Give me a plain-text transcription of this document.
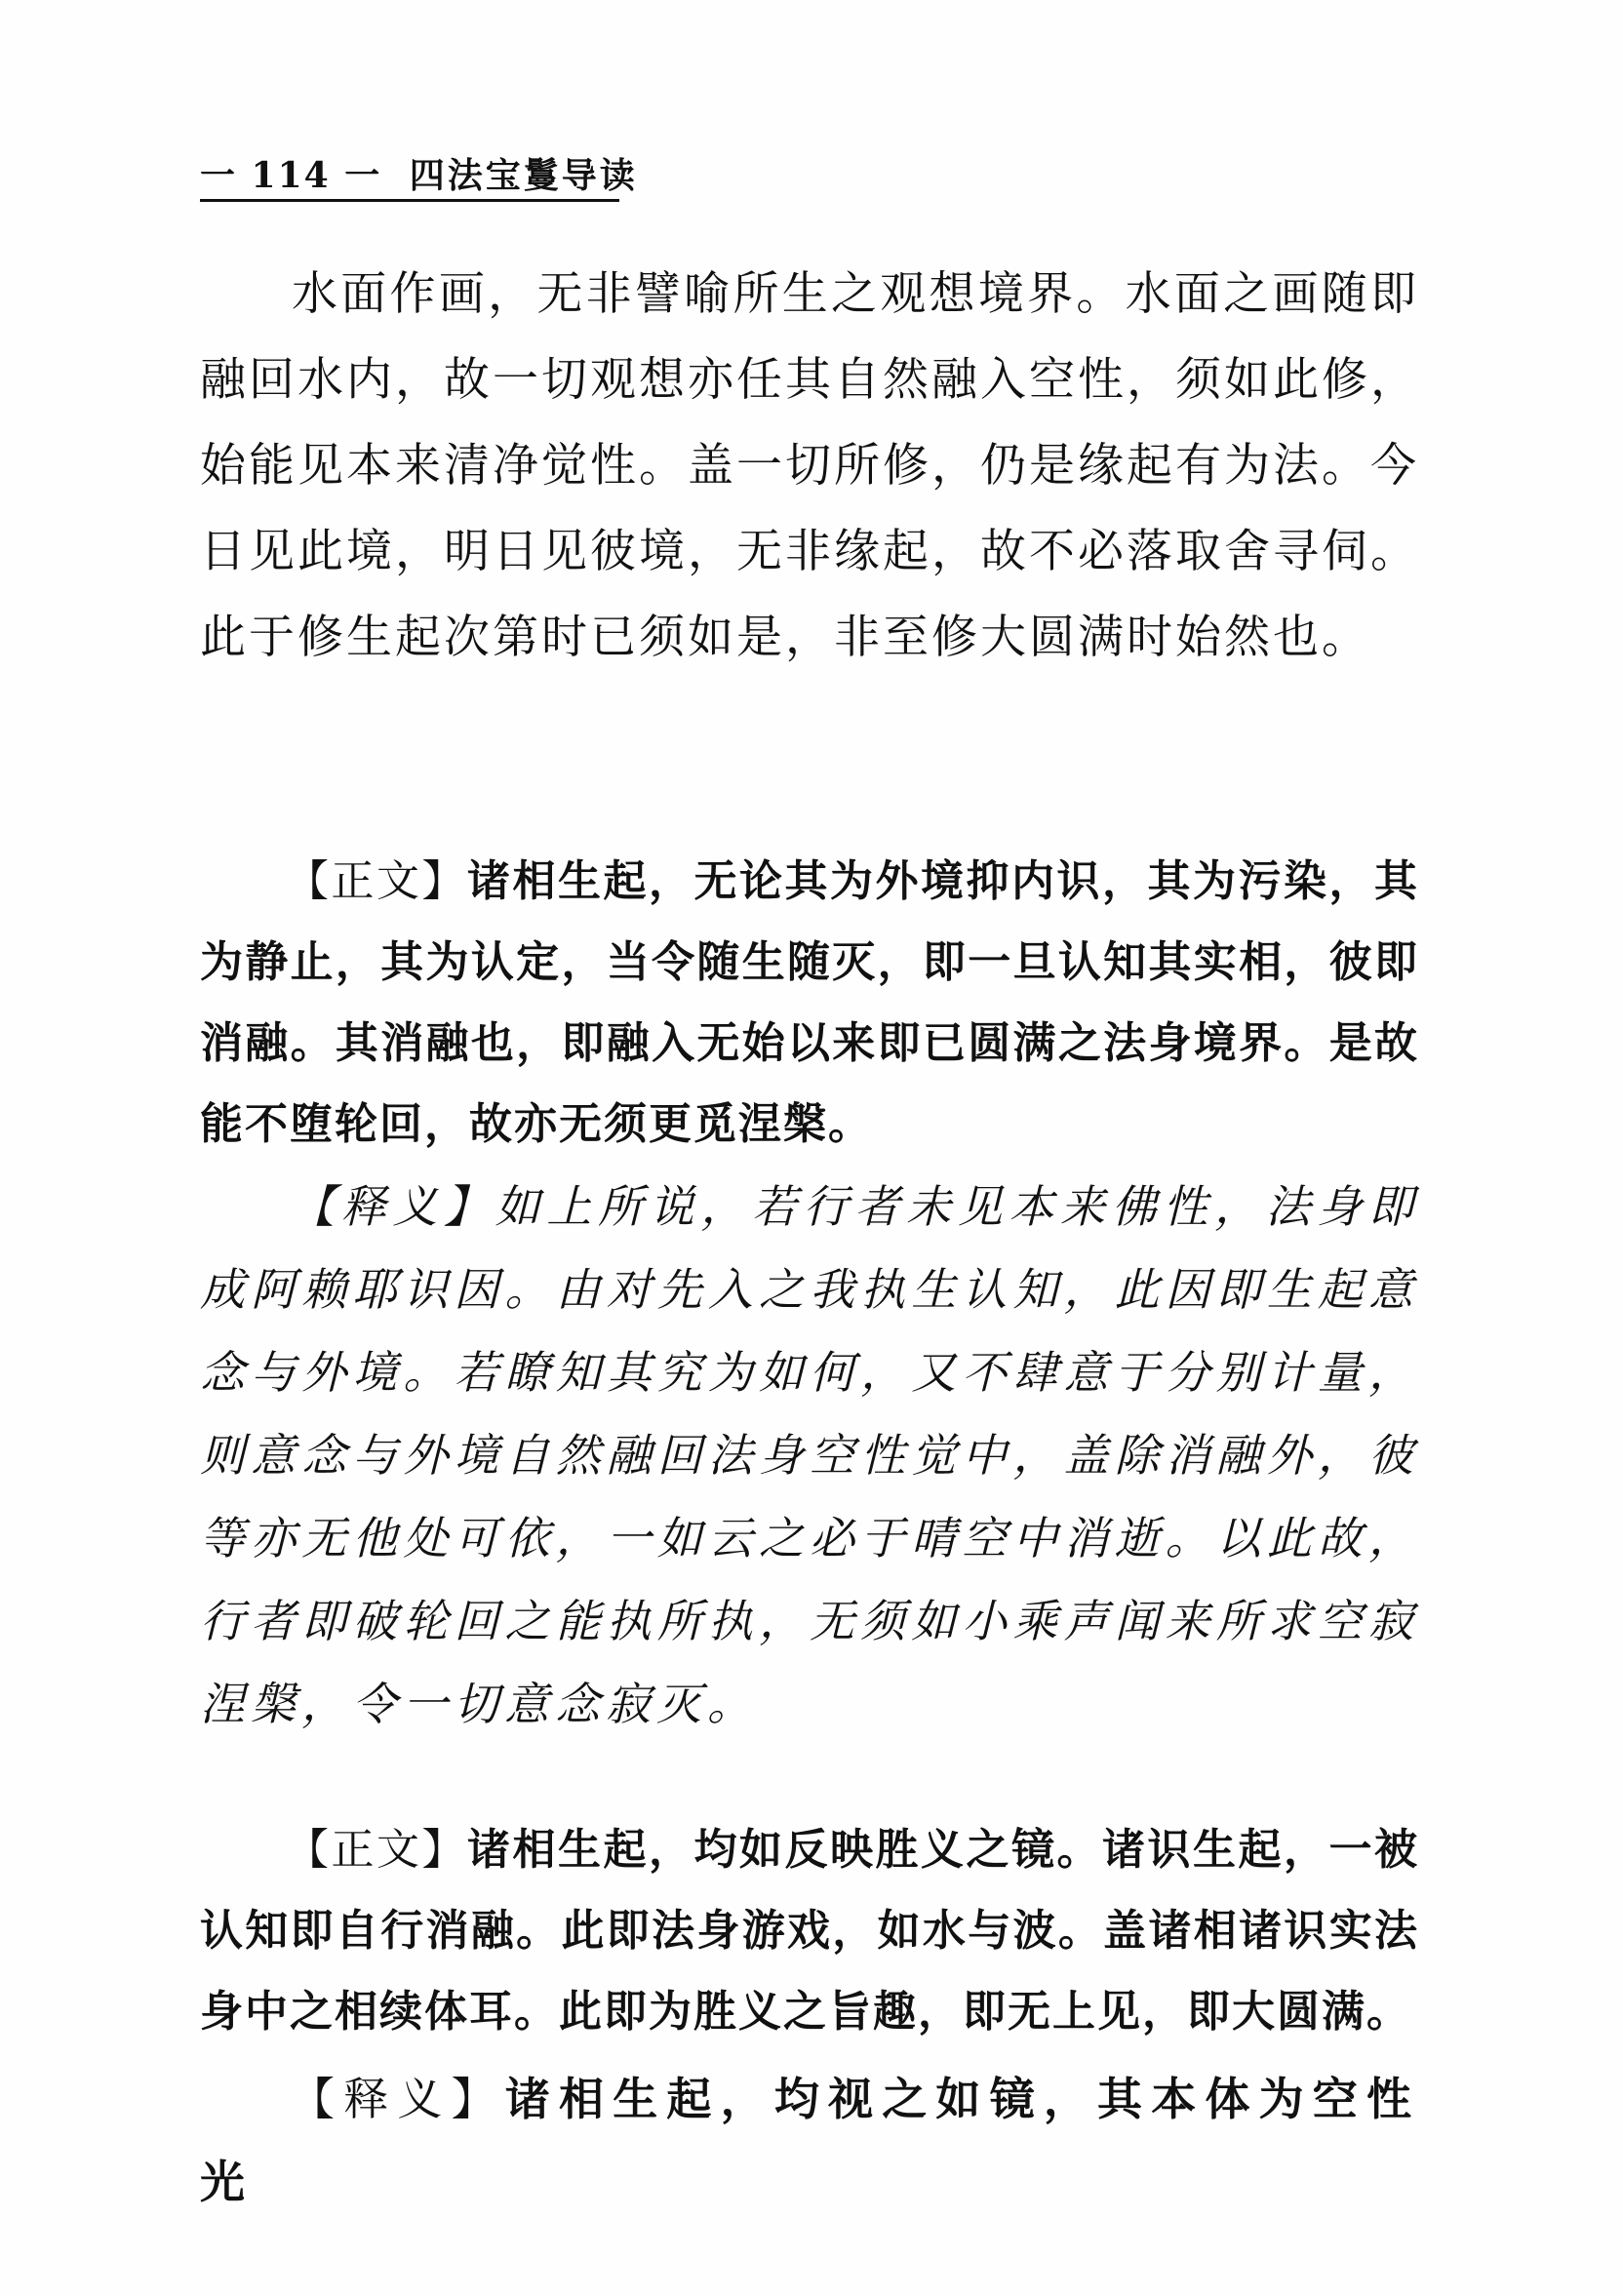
一 114 一 四法宝鬘导读

水面作画，无非譬喻所生之观想境界。水面之画随即融回水内，故一切观想亦任其自然融入空性，须如此修，始能见本来清净觉性。盖一切所修，仍是缘起有为法。今日见此境，明日见彼境，无非缘起，故不必落取舍寻伺。此于修生起次第时已须如是，非至修大圆满时始然也。

【正文】诸相生起，无论其为外境抑内识，其为污染，其为静止，其为认定，当令随生随灭，即一旦认知其实相，彼即消融。其消融也，即融入无始以来即已圆满之法身境界。是故能不堕轮回，故亦无须更觅涅槃。

【释义】如上所说，若行者未见本来佛性，法身即成阿赖耶识因。由对先入之我执生认知，此因即生起意念与外境。若瞭知其究为如何，又不肆意于分别计量，则意念与外境自然融回法身空性觉中，盖除消融外，彼等亦无他处可依，一如云之必于晴空中消逝。以此故，行者即破轮回之能执所执，无须如小乘声闻来所求空寂涅槃，令一切意念寂灭。

【正文】诸相生起，均如反映胜义之镜。诸识生起，一被认知即自行消融。此即法身游戏，如水与波。盖诸相诸识实法身中之相续体耳。此即为胜义之旨趣，即无上见，即大圆满。

【释义】诸相生起，均视之如镜，其本体为空性光
